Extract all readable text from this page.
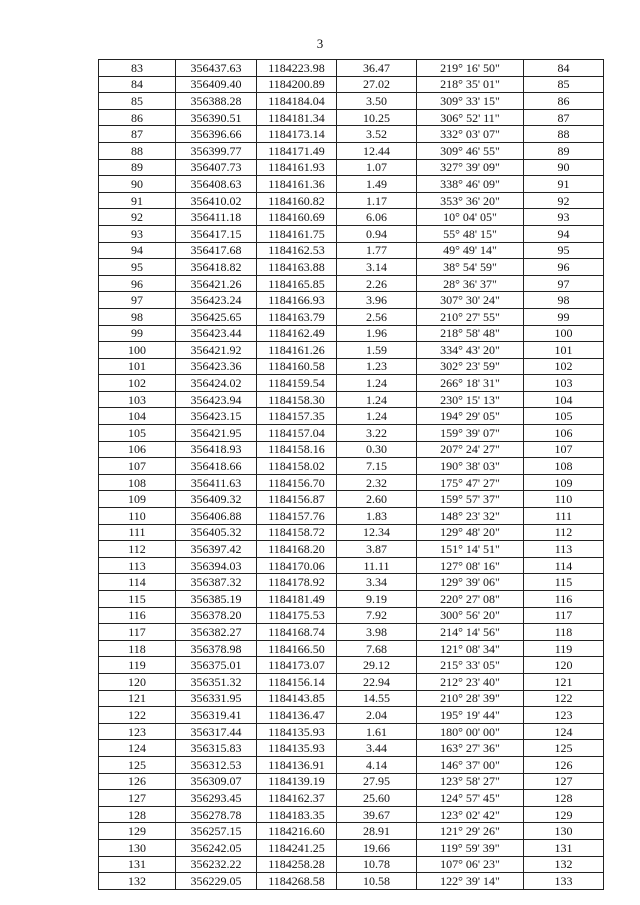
3
83	356437.63	1184223.98	36.47	219° 16' 50"	84
84	356409.40	1184200.89	27.02	218° 35' 01"	85
85	356388.28	1184184.04	3.50	309° 33' 15"	86
86	356390.51	1184181.34	10.25	306° 52' 11"	87
87	356396.66	1184173.14	3.52	332° 03' 07"	88
88	356399.77	1184171.49	12.44	309° 46' 55"	89
89	356407.73	1184161.93	1.07	327° 39' 09"	90
90	356408.63	1184161.36	1.49	338° 46' 09"	91
91	356410.02	1184160.82	1.17	353° 36' 20"	92
92	356411.18	1184160.69	6.06	10° 04' 05"	93
93	356417.15	1184161.75	0.94	55° 48' 15"	94
94	356417.68	1184162.53	1.77	49° 49' 14"	95
95	356418.82	1184163.88	3.14	38° 54' 59"	96
96	356421.26	1184165.85	2.26	28° 36' 37"	97
97	356423.24	1184166.93	3.96	307° 30' 24"	98
98	356425.65	1184163.79	2.56	210° 27' 55"	99
99	356423.44	1184162.49	1.96	218° 58' 48"	100
100	356421.92	1184161.26	1.59	334° 43' 20"	101
101	356423.36	1184160.58	1.23	302° 23' 59"	102
102	356424.02	1184159.54	1.24	266° 18' 31"	103
103	356423.94	1184158.30	1.24	230° 15' 13"	104
104	356423.15	1184157.35	1.24	194° 29' 05"	105
105	356421.95	1184157.04	3.22	159° 39' 07"	106
106	356418.93	1184158.16	0.30	207° 24' 27"	107
107	356418.66	1184158.02	7.15	190° 38' 03"	108
108	356411.63	1184156.70	2.32	175° 47' 27"	109
109	356409.32	1184156.87	2.60	159° 57' 37"	110
110	356406.88	1184157.76	1.83	148° 23' 32"	111
111	356405.32	1184158.72	12.34	129° 48' 20"	112
112	356397.42	1184168.20	3.87	151° 14' 51"	113
113	356394.03	1184170.06	11.11	127° 08' 16"	114
114	356387.32	1184178.92	3.34	129° 39' 06"	115
115	356385.19	1184181.49	9.19	220° 27' 08"	116
116	356378.20	1184175.53	7.92	300° 56' 20"	117
117	356382.27	1184168.74	3.98	214° 14' 56"	118
118	356378.98	1184166.50	7.68	121° 08' 34"	119
119	356375.01	1184173.07	29.12	215° 33' 05"	120
120	356351.32	1184156.14	22.94	212° 23' 40"	121
121	356331.95	1184143.85	14.55	210° 28' 39"	122
122	356319.41	1184136.47	2.04	195° 19' 44"	123
123	356317.44	1184135.93	1.61	180° 00' 00"	124
124	356315.83	1184135.93	3.44	163° 27' 36"	125
125	356312.53	1184136.91	4.14	146° 37' 00"	126
126	356309.07	1184139.19	27.95	123° 58' 27"	127
127	356293.45	1184162.37	25.60	124° 57' 45"	128
128	356278.78	1184183.35	39.67	123° 02' 42"	129
129	356257.15	1184216.60	28.91	121° 29' 26"	130
130	356242.05	1184241.25	19.66	119° 59' 39"	131
131	356232.22	1184258.28	10.78	107° 06' 23"	132
132	356229.05	1184268.58	10.58	122° 39' 14"	133
